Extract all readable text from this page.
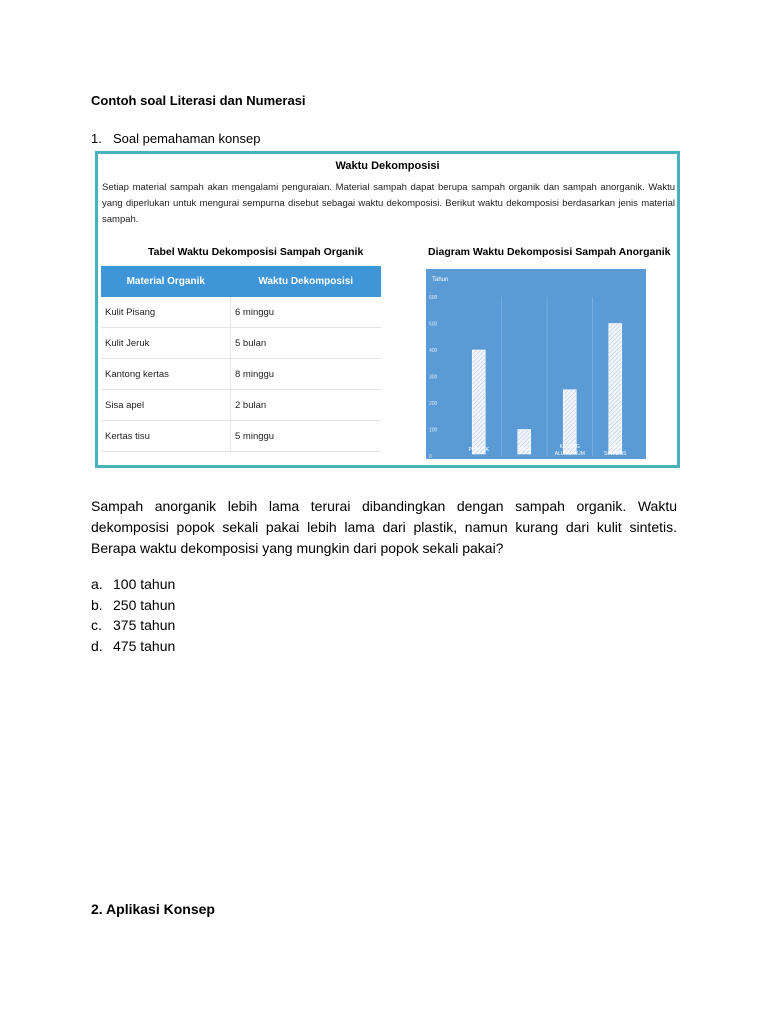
Contoh soal Literasi dan Numerasi
1. Soal pemahaman konsep
Waktu Dekomposisi
Setiap material sampah akan mengalami penguraian. Material sampah dapat berupa sampah organik dan sampah anorganik. Waktu yang diperlukan untuk mengurai sempurna disebut sebagai waktu dekomposisi. Berikut waktu dekomposisi berdasarkan jenis material sampah.
Tabel Waktu Dekomposisi Sampah Organik
Material Organik	Waktu Dekomposisi
Kulit Pisang	6 minggu
Kulit Jeruk	5 bulan
Kantong kertas	8 minggu
Sisa apel	2 bulan
Kertas tisu	5 minggu
Diagram Waktu Dekomposisi Sampah Anorganik
Tahun
0
100
200
300
400
500
600
PLASTIK	BAJA	KALENG ALUMUNIUM
KULIT SINTETIS
Sampah anorganik lebih lama terurai dibandingkan dengan sampah organik. Waktu dekomposisi popok sekali pakai lebih lama dari plastik, namun kurang dari kulit sintetis. Berapa waktu dekomposisi yang mungkin dari popok sekali pakai?
a. 100 tahun
b. 250 tahun
c. 375 tahun
d. 475 tahun
2. Aplikasi Konsep
